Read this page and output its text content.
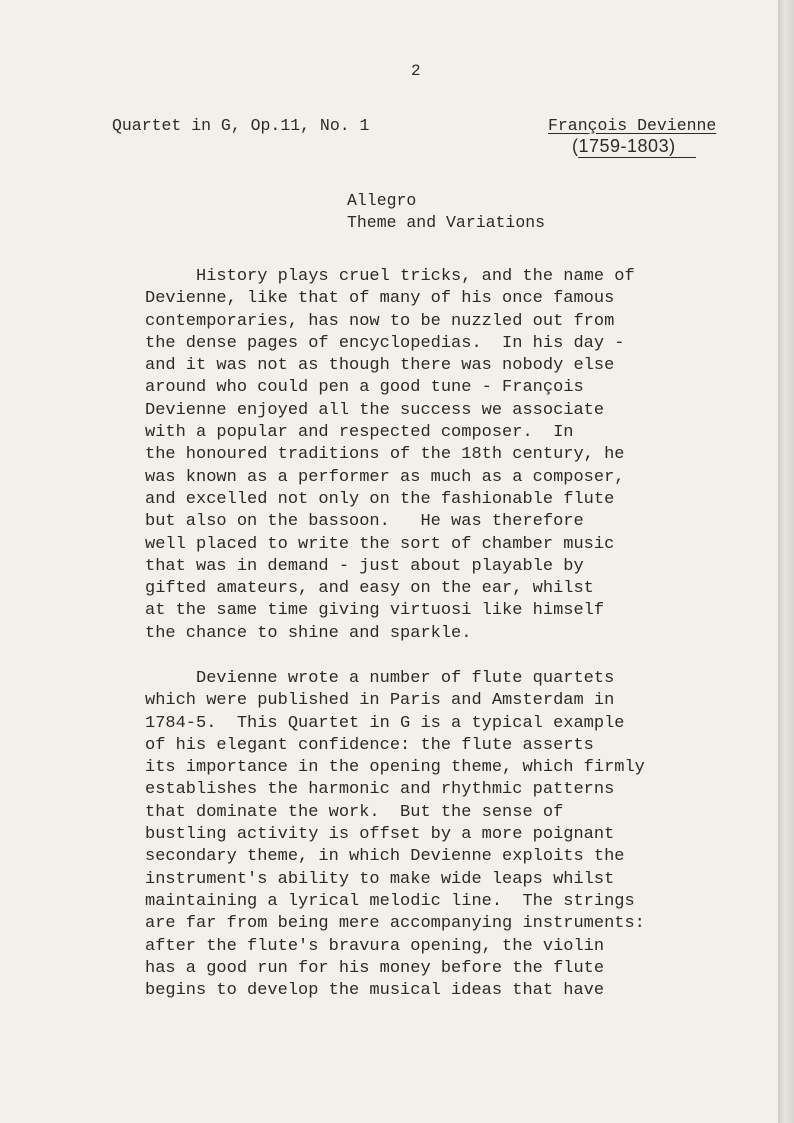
2
Quartet in G, Op.11, No. 1	François Devienne
(1759-1803)
Allegro
Theme and Variations
History plays cruel tricks, and the name of
Devienne, like that of many of his once famous
contemporaries, has now to be nuzzled out from
the dense pages of encyclopedias.  In his day -
and it was not as though there was nobody else
around who could pen a good tune - François
Devienne enjoyed all the success we associate
with a popular and respected composer.  In
the honoured traditions of the 18th century, he
was known as a performer as much as a composer,
and excelled not only on the fashionable flute
but also on the bassoon.   He was therefore
well placed to write the sort of chamber music
that was in demand - just about playable by
gifted amateurs, and easy on the ear, whilst
at the same time giving virtuosi like himself
the chance to shine and sparkle.
Devienne wrote a number of flute quartets
which were published in Paris and Amsterdam in
1784-5.  This Quartet in G is a typical example
of his elegant confidence: the flute asserts
its importance in the opening theme, which firmly
establishes the harmonic and rhythmic patterns
that dominate the work.  But the sense of
bustling activity is offset by a more poignant
secondary theme, in which Devienne exploits the
instrument's ability to make wide leaps whilst
maintaining a lyrical melodic line.  The strings
are far from being mere accompanying instruments:
after the flute's bravura opening, the violin
has a good run for his money before the flute
begins to develop the musical ideas that have
